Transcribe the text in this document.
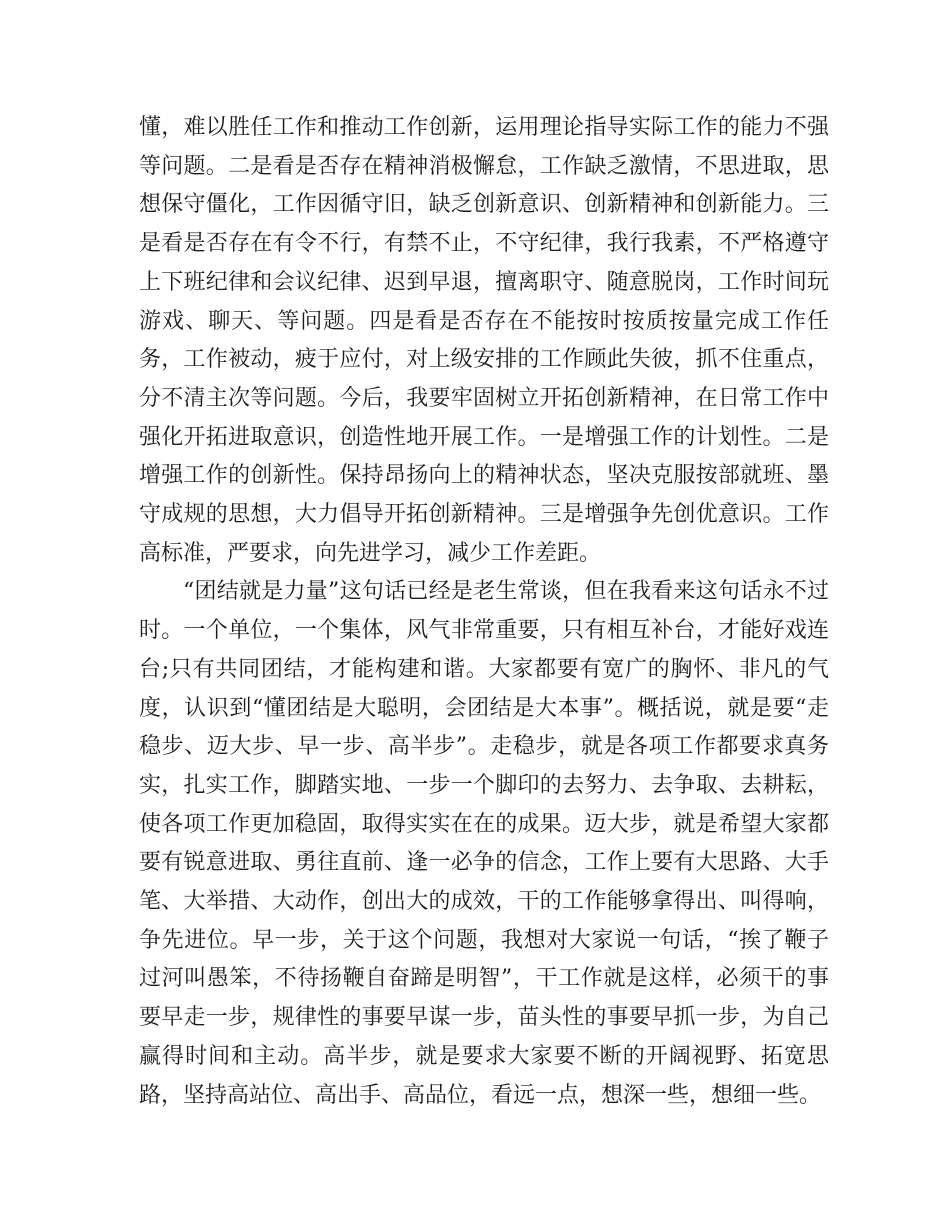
懂，难以胜任工作和推动工作创新，运用理论指导实际工作的能力不强等问题。二是看是否存在精神消极懈怠，工作缺乏激情，不思进取，思想保守僵化，工作因循守旧，缺乏创新意识、创新精神和创新能力。三是看是否存在有令不行，有禁不止，不守纪律，我行我素，不严格遵守上下班纪律和会议纪律、迟到早退，擅离职守、随意脱岗，工作时间玩游戏、聊天、等问题。四是看是否存在不能按时按质按量完成工作任务，工作被动，疲于应付，对上级安排的工作顾此失彼，抓不住重点，分不清主次等问题。今后，我要牢固树立开拓创新精神，在日常工作中强化开拓进取意识，创造性地开展工作。一是增强工作的计划性。二是增强工作的创新性。保持昂扬向上的精神状态，坚决克服按部就班、墨守成规的思想，大力倡导开拓创新精神。三是增强争先创优意识。工作高标准，严要求，向先进学习，减少工作差距。

“团结就是力量”这句话已经是老生常谈，但在我看来这句话永不过时。一个单位，一个集体，风气非常重要，只有相互补台，才能好戏连台;只有共同团结，才能构建和谐。大家都要有宽广的胸怀、非凡的气度，认识到“懂团结是大聪明，会团结是大本事”。概括说，就是要“走稳步、迈大步、早一步、高半步”。走稳步，就是各项工作都要求真务实，扎实工作，脚踏实地、一步一个脚印的去努力、去争取、去耕耘，使各项工作更加稳固，取得实实在在的成果。迈大步，就是希望大家都要有锐意进取、勇往直前、逢一必争的信念，工作上要有大思路、大手笔、大举措、大动作，创出大的成效，干的工作能够拿得出、叫得响，争先进位。早一步，关于这个问题，我想对大家说一句话，“挨了鞭子过河叫愚笨，不待扬鞭自奋蹄是明智”，干工作就是这样，必须干的事要早走一步，规律性的事要早谋一步，苗头性的事要早抓一步，为自己赢得时间和主动。高半步，就是要求大家要不断的开阔视野、拓宽思路，坚持高站位、高出手、高品位，看远一点，想深一些，想细一些。
